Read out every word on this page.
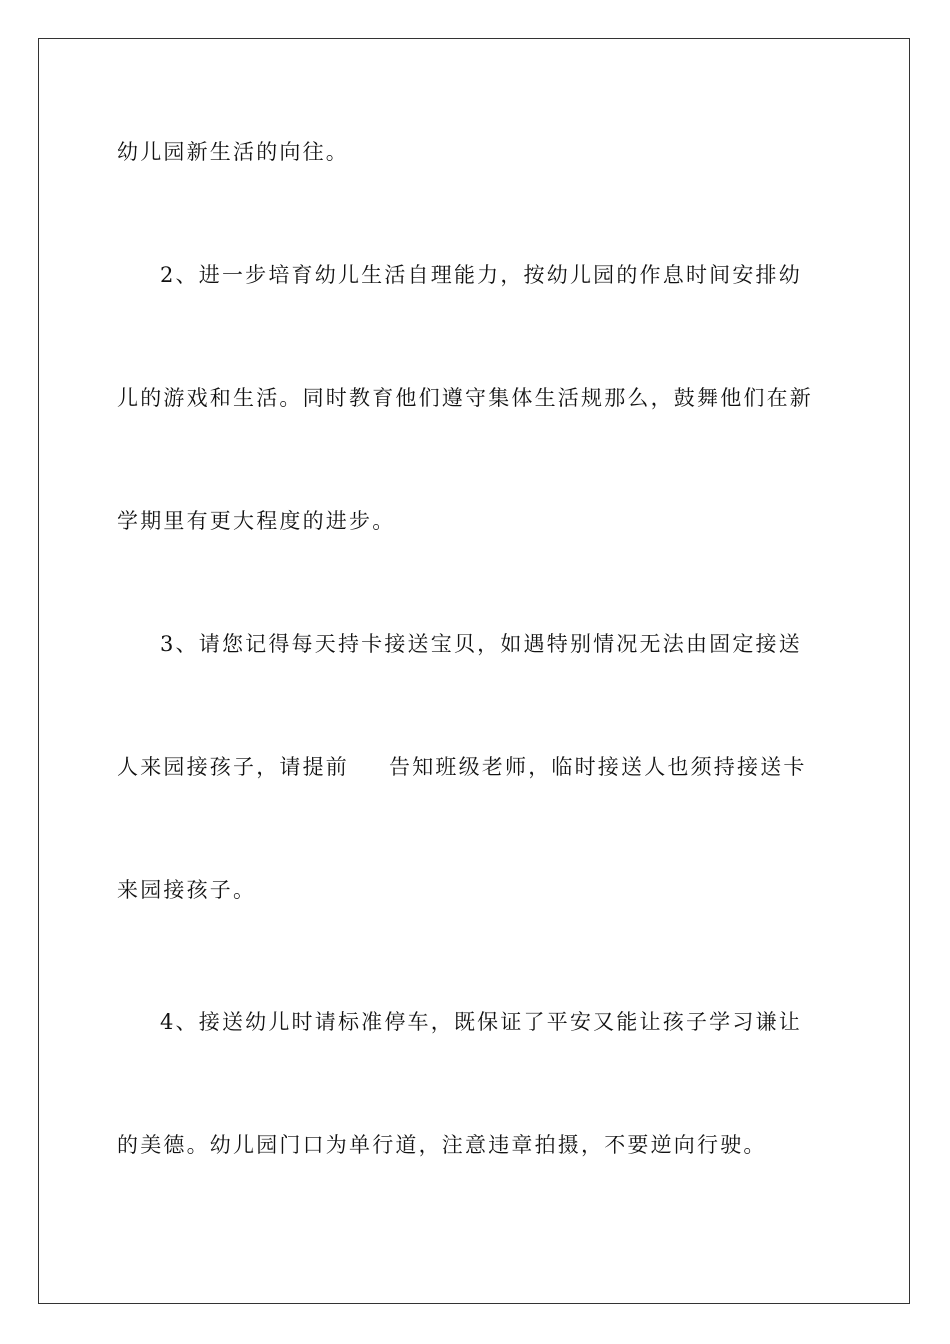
幼儿园新生活的向往。
2、进一步培育幼儿生活自理能力，按幼儿园的作息时间安排幼
儿的游戏和生活。同时教育他们遵守集体生活规那么，鼓舞他们在新
学期里有更大程度的进步。
3、请您记得每天持卡接送宝贝，如遇特别情况无法由固定接送
人来园接孩子，请提前 告知班级老师，临时接送人也须持接送卡
来园接孩子。
4、接送幼儿时请标准停车，既保证了平安又能让孩子学习谦让
的美德。幼儿园门口为单行道，注意违章拍摄，不要逆向行驶。
